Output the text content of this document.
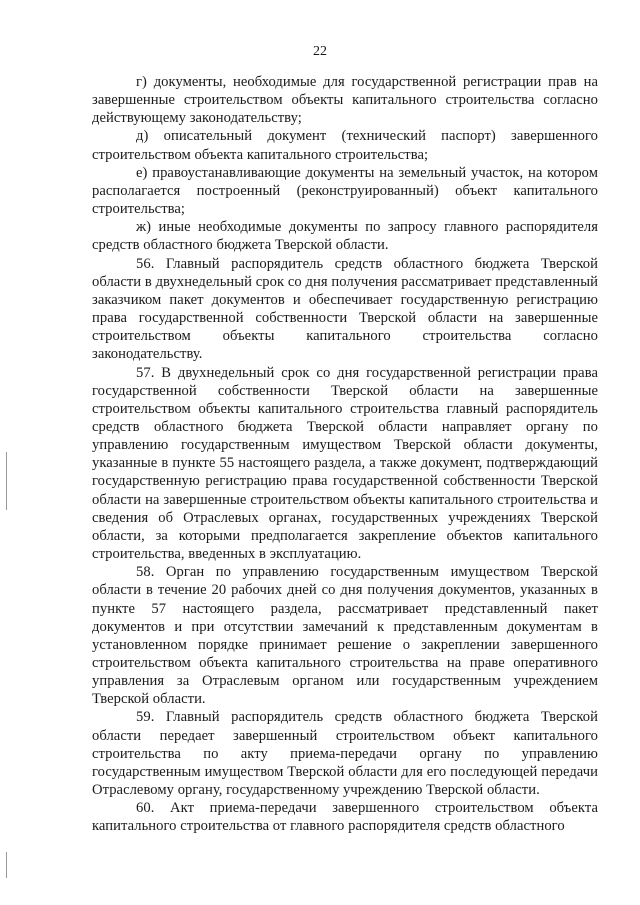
22

г) документы, необходимые для государственной регистрации прав на завершенные строительством объекты капитального строительства согласно действующему законодательству;

д) описательный документ (технический паспорт) завершенного строительством объекта капитального строительства;

е) правоустанавливающие документы на земельный участок, на котором располагается построенный (реконструированный) объект капитального строительства;

ж) иные необходимые документы по запросу главного распорядителя средств областного бюджета Тверской области.

56. Главный распорядитель средств областного бюджета Тверской области в двухнедельный срок со дня получения рассматривает представленный заказчиком пакет документов и обеспечивает государственную регистрацию права государственной собственности Тверской области на завершенные строительством объекты капитального строительства согласно законодательству.

57. В двухнедельный срок со дня государственной регистрации права государственной собственности Тверской области на завершенные строительством объекты капитального строительства главный распорядитель средств областного бюджета Тверской области направляет органу по управлению государственным имуществом Тверской области документы, указанные в пункте 55 настоящего раздела, а также документ, подтверждающий государственную регистрацию права государственной собственности Тверской области на завершенные строительством объекты капитального строительства и сведения об Отраслевых органах, государственных учреждениях Тверской области, за которыми предполагается закрепление объектов капитального строительства, введенных в эксплуатацию.

58. Орган по управлению государственным имуществом Тверской области в течение 20 рабочих дней со дня получения документов, указанных в пункте 57 настоящего раздела, рассматривает представленный пакет документов и при отсутствии замечаний к представленным документам в установленном порядке принимает решение о закреплении завершенного строительством объекта капитального строительства на праве оперативного управления за Отраслевым органом или государственным учреждением Тверской области.

59. Главный распорядитель средств областного бюджета Тверской области передает завершенный строительством объект капитального строительства по акту приема-передачи органу по управлению государственным имуществом Тверской области для его последующей передачи Отраслевому органу, государственному учреждению Тверской области.

60. Акт приема-передачи завершенного строительством объекта капитального строительства от главного распорядителя средств областного
